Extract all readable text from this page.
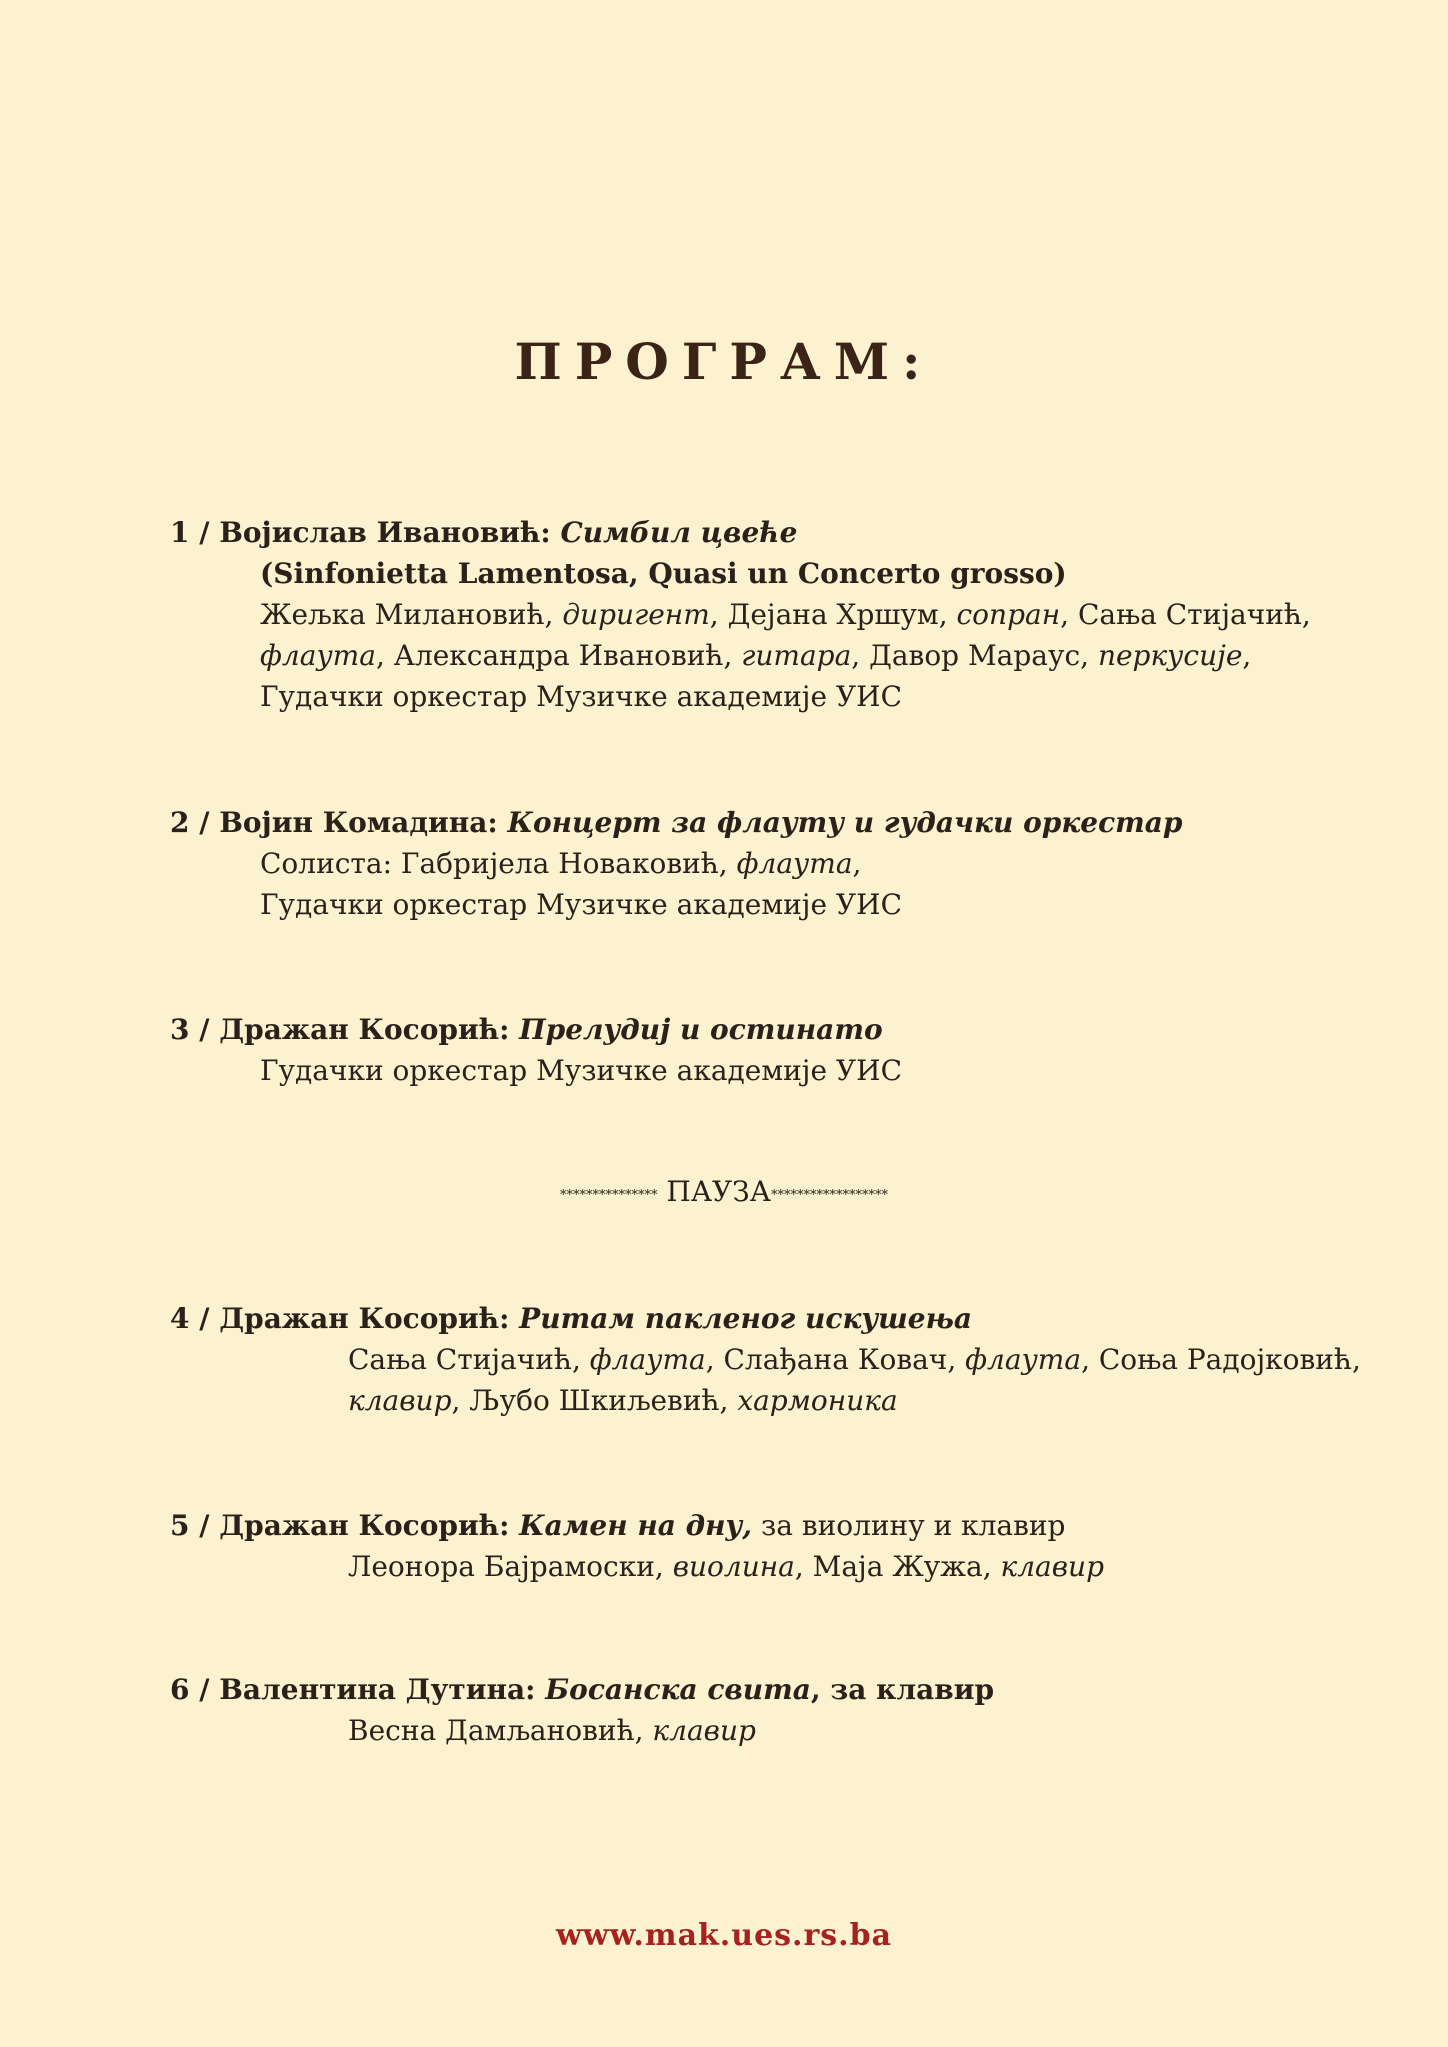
ПРОГРАМ:
1 / Војислав Ивановић: Симбил цвеће
(Sinfonietta Lamentosa, Quasi un Concerto grosso)
Жељка Милановић, диригент, Дејана Хршум, сопран, Сања Стијачић,
флаута, Александра Ивановић, гитара, Давор Мараус, перкусије,
Гудачки оркестар Музичке академије УИС
2 / Војин Комадина: Концерт за флауту и гудачки оркестар
Солиста: Габријела Новаковић, флаута,
Гудачки оркестар Музичке академије УИС
3 / Дражан Косорић: Прелудиј и остинато
Гудачки оркестар Музичке академије УИС
*************** ПАУЗА******************
4 / Дражан Косорић: Ритам пакленог искушења
Сања Стијачић, флаута, Слађана Ковач, флаута, Соња Радојковић,
клавир, Љубо Шкиљевић, хармоника
5 / Дражан Косорић: Камен на дну, за виолину и клавир
Леонора Бајрамоски, виолина, Маја Жужа, клавир
6 / Валентина Дутина: Босанска свита, за клавир
Весна Дамљановић, клавир
www.mak.ues.rs.ba
